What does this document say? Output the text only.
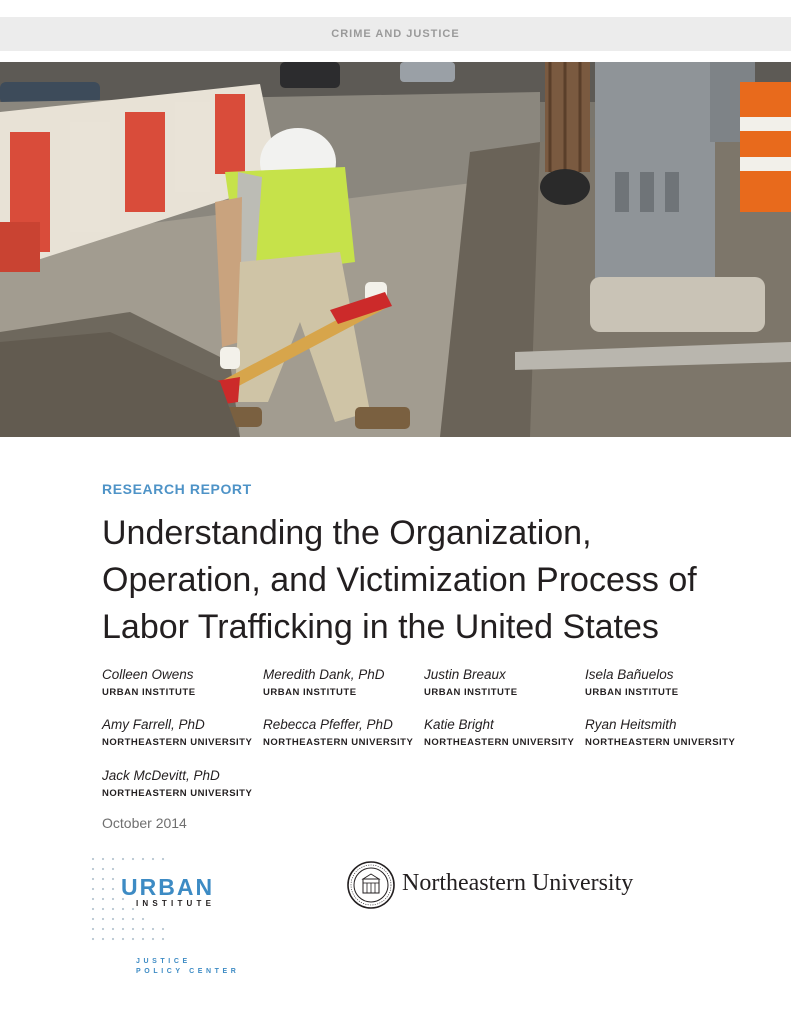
CRIME AND JUSTICE
RESEARCH REPORT
Understanding the Organization,
Operation, and Victimization Process of
Labor Trafficking in the United States
Colleen Owens
URBAN INSTITUTE
Meredith Dank, PhD
URBAN INSTITUTE
Justin Breaux
URBAN INSTITUTE
Isela Bañuelos
URBAN INSTITUTE
Amy Farrell, PhD
NORTHEASTERN UNIVERSITY
Rebecca Pfeffer, PhD
NORTHEASTERN UNIVERSITY
Katie Bright
NORTHEASTERN UNIVERSITY
Ryan Heitsmith
NORTHEASTERN UNIVERSITY
Jack McDevitt, PhD
NORTHEASTERN UNIVERSITY
October 2014
URBAN
INSTITUTE
JUSTICE
POLICY CENTER
Northeastern University
